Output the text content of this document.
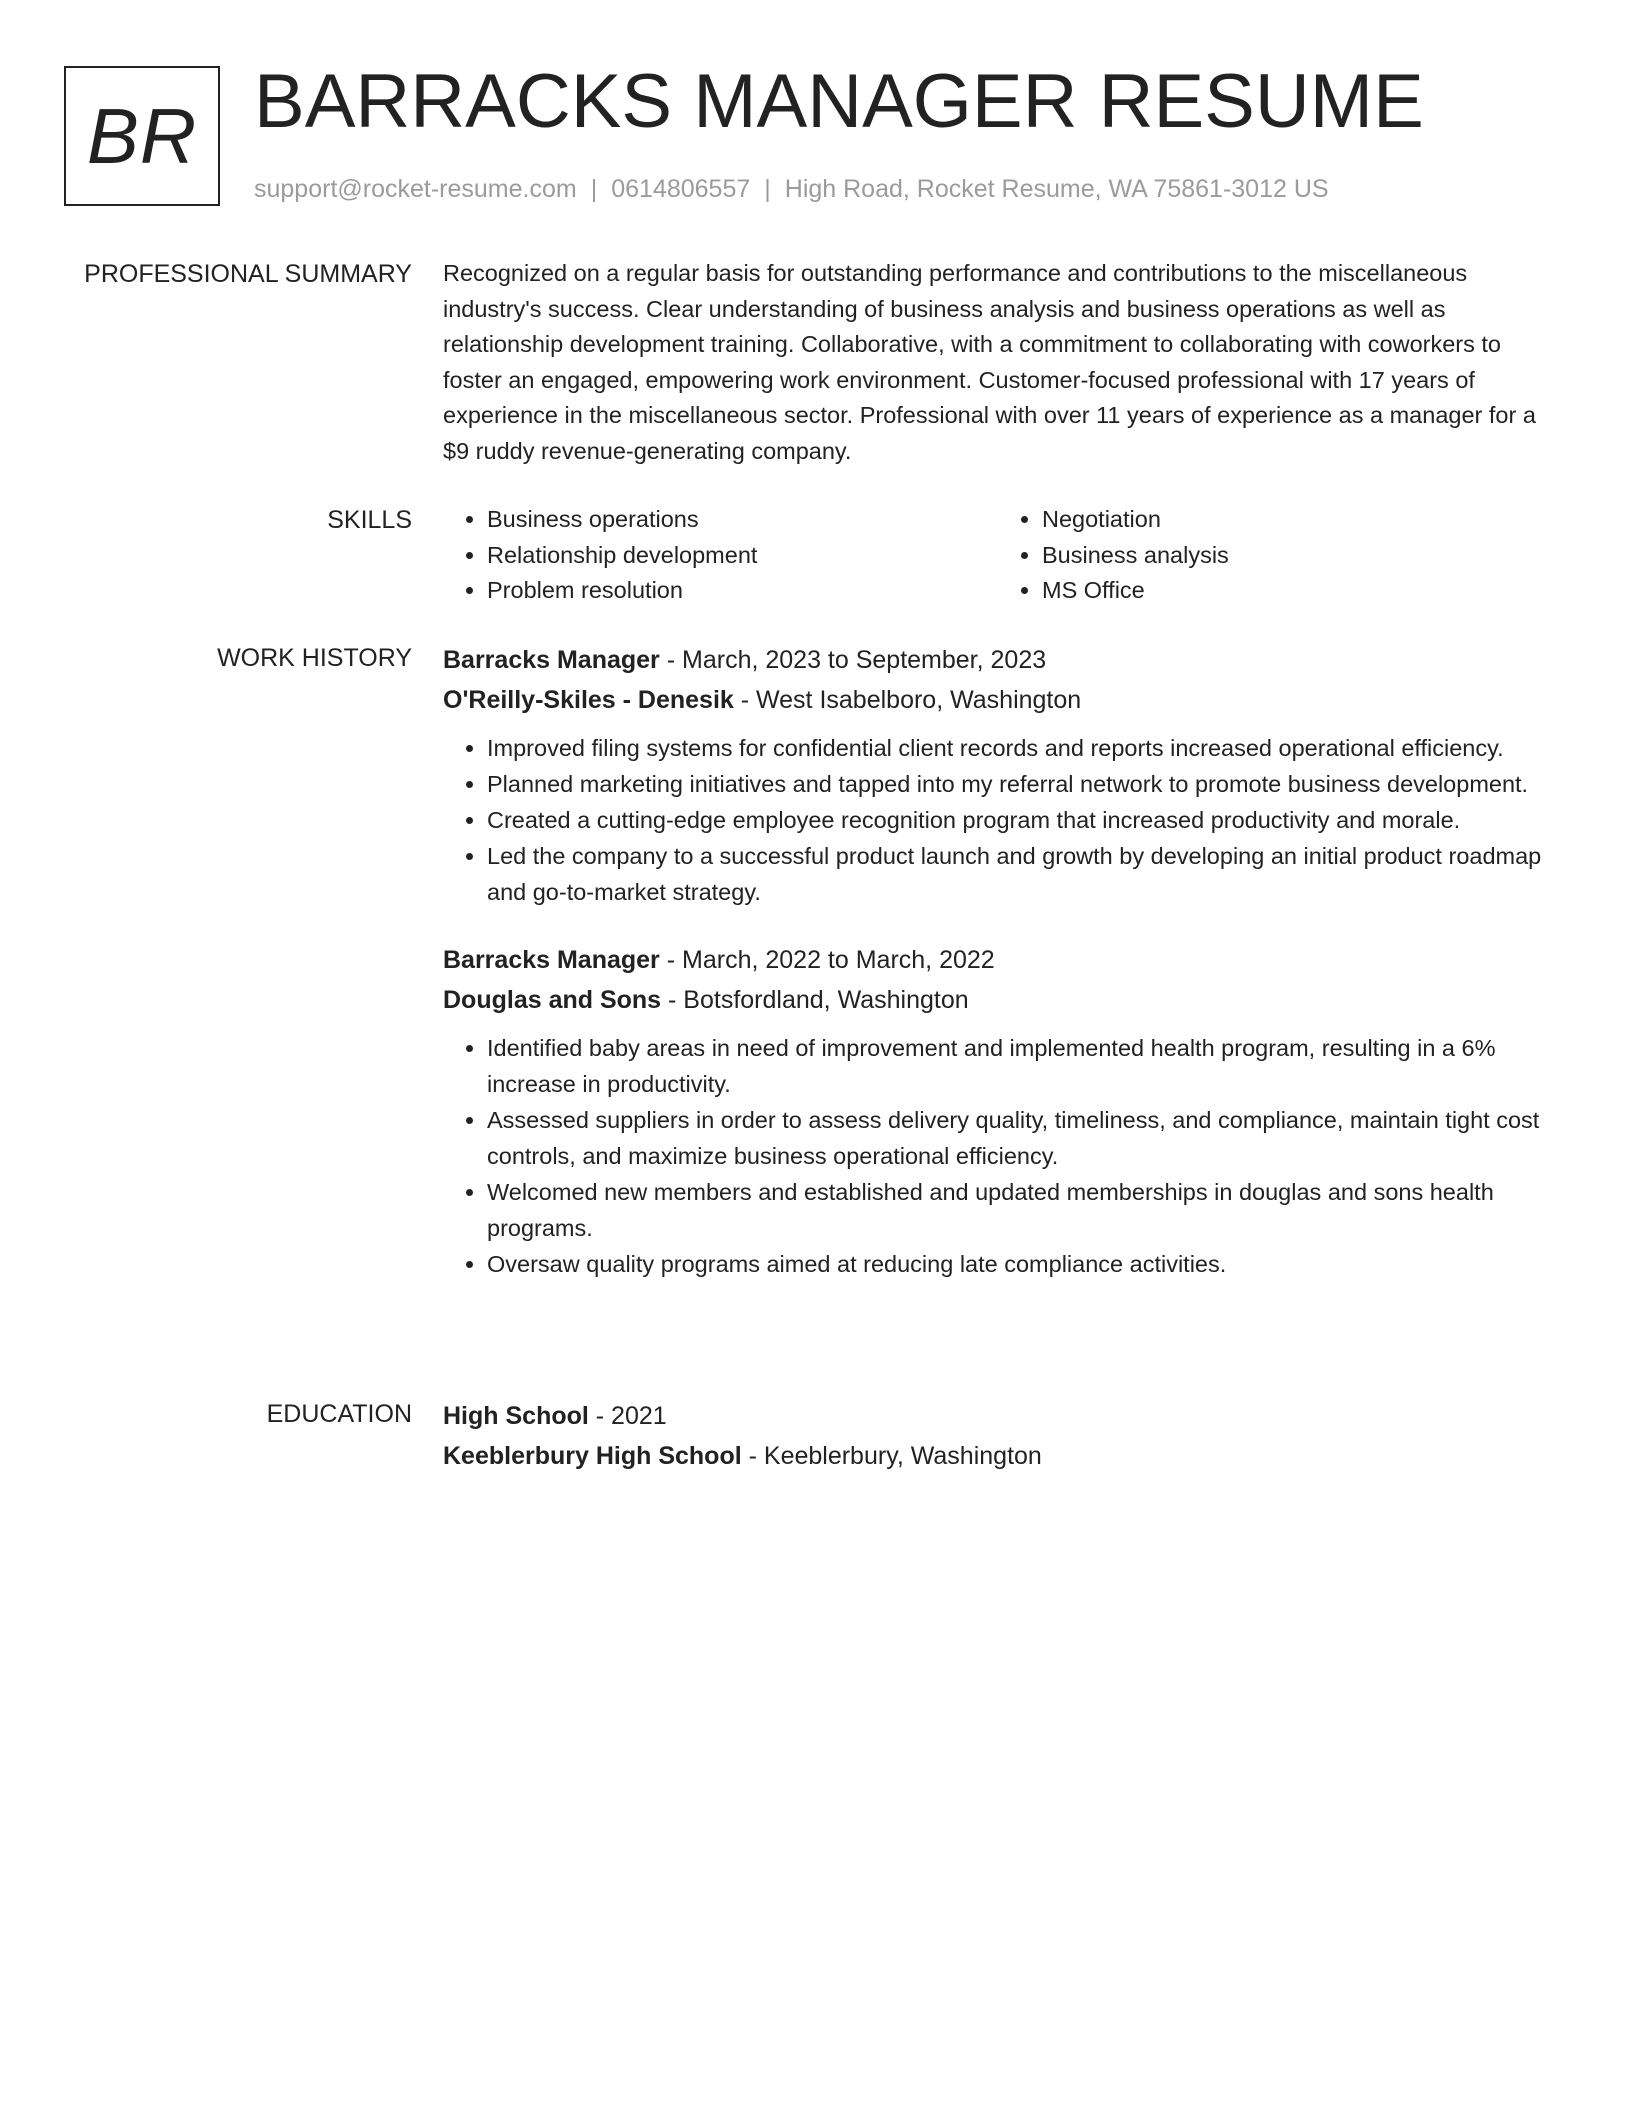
BR BARRACKS MANAGER RESUME
support@rocket-resume.com | 0614806557 | High Road, Rocket Resume, WA 75861-3012 US
PROFESSIONAL SUMMARY Recognized on a regular basis for outstanding performance and contributions to the miscellaneous industry's success. Clear understanding of business analysis and business operations as well as relationship development training. Collaborative, with a commitment to collaborating with coworkers to foster an engaged, empowering work environment. Customer-focused professional with 17 years of experience in the miscellaneous sector. Professional with over 11 years of experience as a manager for a $9 ruddy revenue-generating company.

SKILLS
•	Business operations
• Relationship development
• Problem resolution
• Negotiation
• Business analysis
• MS Office
WORK HISTORY Barracks Manager - March, 2023 to September, 2023
O'Reilly-Skiles - Denesik - West Isabelboro, Washington
• Improved filing systems for confidential client records and reports increased operational efficiency.
• Planned marketing initiatives and tapped into my referral network to promote business development.
• Created a cutting-edge employee recognition program that increased productivity and morale.
• Led the company to a successful product launch and growth by developing an initial product roadmap and go-to-market strategy.
Barracks Manager - March, 2022 to March, 2022
Douglas and Sons - Botsfordland, Washington
• Identified baby areas in need of improvement and implemented health program, resulting in a 6% increase in productivity.
• Assessed suppliers in order to assess delivery quality, timeliness, and compliance, maintain tight cost controls, and maximize business operational efficiency.
• Welcomed new members and established and updated memberships in douglas and sons health programs.
• Oversaw quality programs aimed at reducing late compliance activities.
EDUCATION High School - 2021
Keeblerbury High School - Keeblerbury, Washington
